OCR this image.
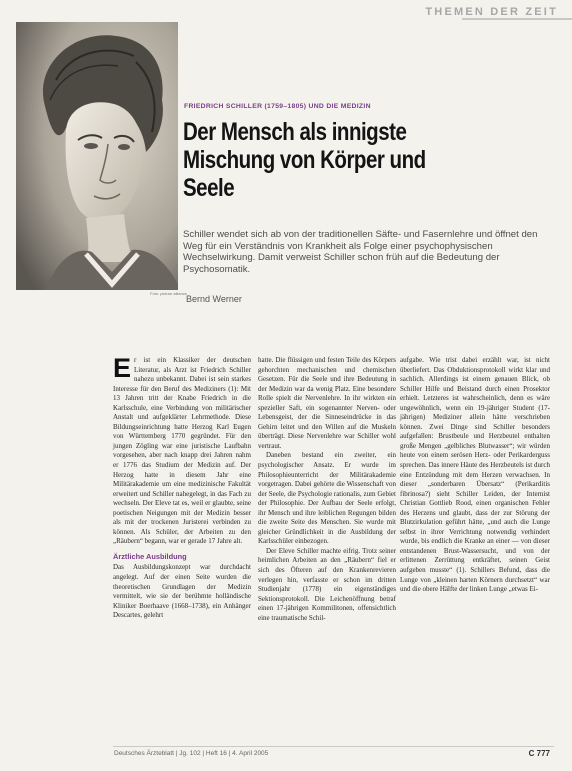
THEMEN DER ZEIT
Foto: picture alliance
FRIEDRICH SCHILLER (1759–1805) UND DIE MEDIZIN
Der Mensch als innigste Mischung von Körper und Seele

Schiller wendet sich ab von der traditionellen Säfte- und Fasernlehre und öffnet den Weg für ein Verständnis von Krankheit als Folge einer psychophysischen Wechselwirkung. Damit verweist Schiller schon früh auf die Bedeutung der Psychosomatik.

Bernd Werner

Er ist ein Klassiker der deutschen Literatur, als Arzt ist Friedrich Schiller nahezu unbekannt. Dabei ist sein starkes Interesse für den Beruf des Mediziners (1): Mit 13 Jahren tritt der Knabe Friedrich in die Karlsschule, eine Verbindung von militärischer Anstalt und aufgeklärter Lehrmethode. Diese Bildungseinrichtung hatte Herzog Karl Eugen von Württemberg 1770 gegründet. Für den jungen Zögling war eine juristische Laufbahn vorgesehen, aber nach knapp drei Jahren nahm er 1776 das Studium der Medizin auf. Der Herzog hatte in diesem Jahr eine Militärakademie um eine medizinische Fakultät erweitert und Schiller nahegelegt, in das Fach zu wechseln. Der Eleve tat es, weil er glaubte, seine poetischen Neigungen mit der Medizin besser als mit der trockenen Juristerei verbinden zu können. Als Schüler, der Arbeiten zu den „Räubern“ begann, war er gerade 17 Jahre alt.

Ärztliche Ausbildung

Das Ausbildungskonzept war durchdacht angelegt. Auf der einen Seite wurden die theoretischen Grundlagen der Medizin vermittelt, wie sie der berühmte holländische Kliniker Boerhaave (1668–1738), ein Anhänger Descartes, gelehrt

hatte. Die flüssigen und festen Teile des Körpers gehorchten mechanischen und chemischen Gesetzen. Für die Seele und ihre Bedeutung in der Medizin war da wenig Platz. Eine besondere Rolle spielt die Nervenlehre. In ihr wirkten ein spezieller Saft, ein sogenannter Nerven- oder Lebensgeist, der die Sinneseindrücke in das Gehirn leitet und den Willen auf die Muskeln überträgt. Diese Nervenlehre war Schiller wohl vertraut.

Daneben bestand ein zweiter, ein psychologischer Ansatz. Er wurde im Philosophieunterricht der Militärakademie vorgetragen. Dabei gehörte die Wissenschaft von der Seele, die Psychologie rationalis, zum Gebiet der Philosophie. Der Aufbau der Seele erfolgt, ihr Mensch und ihre leiblichen Regungen bilden die zweite Seite des Menschen. Sie wurde mit gleicher Gründlichkeit in die Ausbildung der Karlsschüler einbezogen.

Der Eleve Schiller machte eifrig. Trotz seiner heimlichen Arbeiten an den „Räubern“ fiel er sich des Öfteren auf den Krankenrevieren verlegen hin, verfasste er schon im dritten Studienjahr (1778) ein eigenständiges Sektionsprotokoll. Die Leichenöffnung betraf einen 17-jährigen Kommilitonen, offensichtlich eine traumatische Schil-

aufgabe. Wie trist dabei erzählt war, ist nicht überliefert. Das Obduktionsprotokoll wirkt klar und sachlich. Allerdings ist einem genauen Blick, ob Schiller Hilfe und Beistand durch einen Prosektor erhielt. Letzteres ist wahrscheinlich, denn es wäre ungewöhnlich, wenn ein 19-jähriger Student (17-jährigen) Mediziner allein hätte verschrieben können. Zwei Dinge sind Schiller besonders aufgefallen: Brustbeule und Herzbeutel enthalten große Mengen „gelbliches Blutwasser“; wir würden heute von einem serösen Herz- oder Perikarderguss sprechen. Das innere Häute des Herzbeutels ist durch eine Entzündung mit dem Herzen verwachsen. In dieser „sonderbaren Übersatz“ (Perikarditis fibrinosa?) sieht Schiller Leiden, der Internist Christian Gottlieb Rood, einen organischen Fehler des Herzens und glaubt, dass der zur Störung der Blutzirkulation geführt hätte, „und auch die Lunge selbst in ihrer Verrichtung notwendig verhindert wurde, bis endlich die Kranke an einer — von dieser entstandenen Brust-Wassersucht, und von der erlittenen Zerrüttung entkräftet, seinen Geist aufgeben musste“ (1). Schillers Befund, dass die Lunge von „kleinen harten Körnern durchsetzt“ war und die obere Hälfte der linken Lunge „etwas Ei-

Deutsches Ärzteblatt | Jg. 102 | Heft 16 | 4. April 2005	C 777
